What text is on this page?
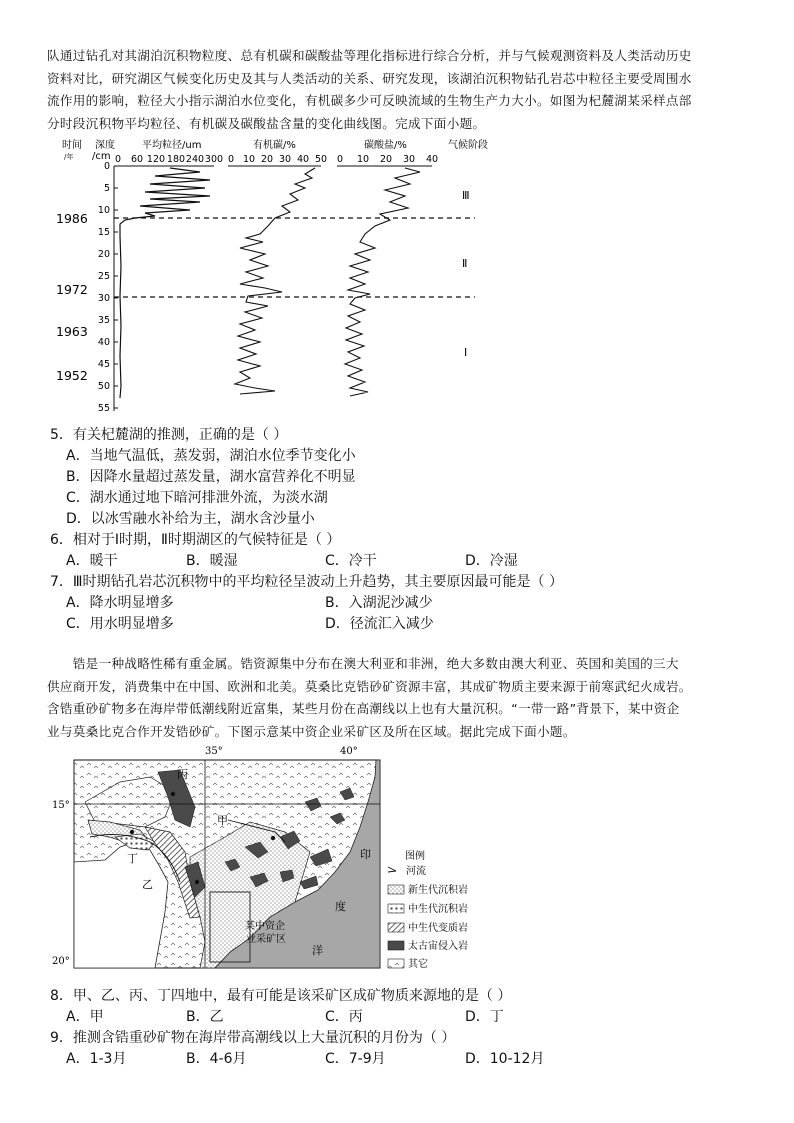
队通过钻孔对其湖泊沉积物粒度、总有机碳和碳酸盐等理化指标进行综合分析，并与气候观测资料及人类活动历史
资料对比，研究湖区气候变化历史及其与人类活动的关系、研究发现，该湖泊沉积物钻孔岩芯中粒径主要受周围水
流作用的影响，粒径大小指示湖泊水位变化，有机碳多少可反映流域的生物生产力大小。如图为杞麓湖某采样点部
分时段沉积物平均粒径、有机碳及碳酸盐含量的变化曲线图。完成下面小题。
时间
/年
深度
/cm
平均粒径/um	有机碳/%	碳酸盐/%	气候阶段
0 60 120 180 240 300 0 10 20 30 40 50 0 10 20 30 40
0
5
10
15
20
25
30
35
40
45
50
55
1986
1972
1963
1952
Ⅲ
Ⅱ
Ⅰ
5．有关杞麓湖的推测，正确的是（ ）
A．当地气温低，蒸发弱，湖泊水位季节变化小
B．因降水量超过蒸发量，湖水富营养化不明显
C．湖水通过地下暗河排泄外流，为淡水湖
D．以冰雪融水补给为主，湖水含沙量小
6．相对于Ⅰ时期，Ⅱ时期湖区的气候特征是（ ）
A．暖干	B．暖湿	C．冷干	D．冷湿
7．Ⅲ时期钻孔岩芯沉积物中的平均粒径呈波动上升趋势，其主要原因最可能是（ ）
A．降水明显增多	B．入湖泥沙减少
C．用水明显增多	D．径流汇入减少
　　锆是一种战略性稀有重金属。锆资源集中分布在澳大利亚和非洲，绝大多数由澳大利亚、英国和美国的三大
供应商开发，消费集中在中国、欧洲和北美。莫桑比克锆砂矿资源丰富，其成矿物质主要来源于前寒武纪火成岩。
含锆重砂矿物多在海岸带低潮线附近富集，某些月份在高潮线以上也有大量沉积。“一带一路”背景下，某中资企
业与莫桑比克合作开发锆砂矿。下图示意某中资企业采矿区及所在区域。据此完成下面小题。
35°	40°
15°
20°
丙
甲
丁
乙
印
度
洋
某中资企
业采矿区
图例
河流
新生代沉积岩
中生代沉积岩
中生代变质岩
太古宙侵入岩
其它
8．甲、乙、丙、丁四地中，最有可能是该采矿区成矿物质来源地的是（ ）
A．甲	B．乙	C．丙	D．丁
9．推测含锆重砂矿物在海岸带高潮线以上大量沉积的月份为（ ）
A．1-3月	B．4-6月	C．7-9月	D．10-12月
